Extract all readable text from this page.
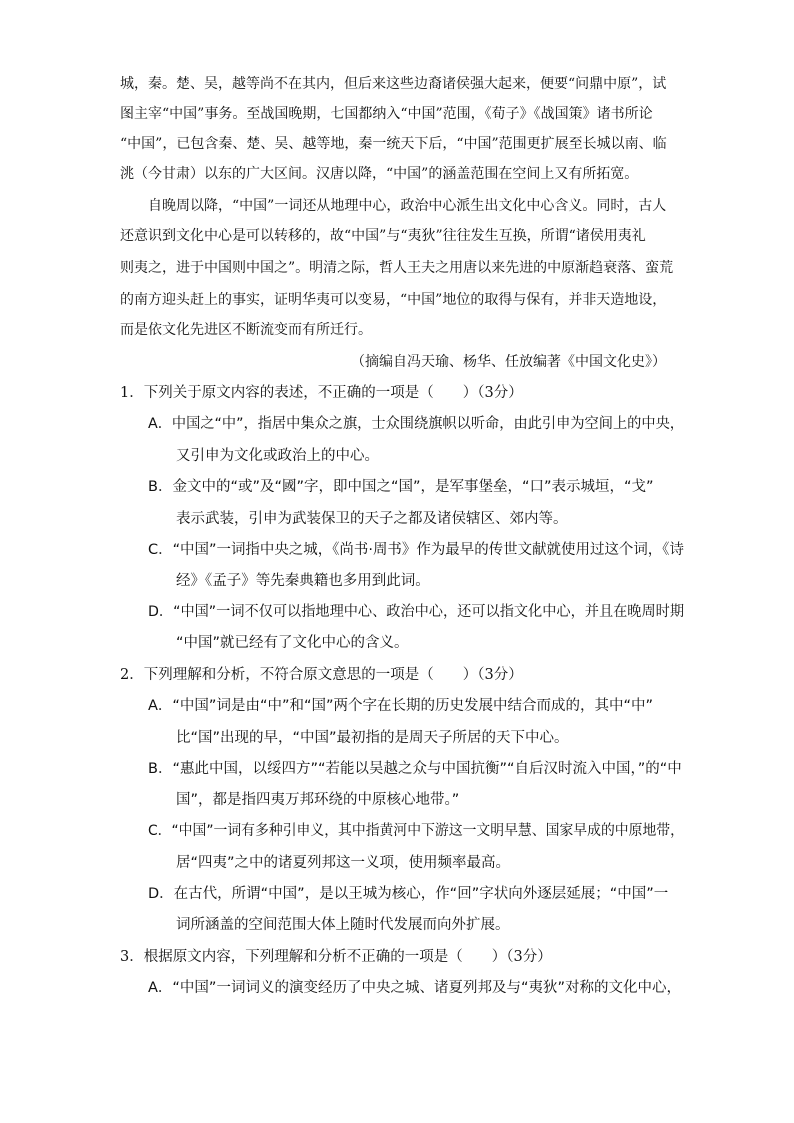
城，秦。楚、吴，越等尚不在其内，但后来这些边裔诸侯强大起来，便要“问鼎中原”，试
图主宰“中国”事务。至战国晚期，七国都纳入“中国”范围，《荀子》《战国策》诸书所论
“中国”，已包含秦、楚、吴、越等地，秦一统天下后，“中国”范围更扩展至长城以南、临
洮（今甘肃）以东的广大区间。汉唐以降，“中国”的涵盖范围在空间上又有所拓宽。
自晚周以降，“中国”一词还从地理中心，政治中心派生出文化中心含义。同时，古人
还意识到文化中心是可以转移的，故“中国”与“夷狄”往往发生互换，所谓“诸侯用夷礼
则夷之，进于中国则中国之”。明清之际，哲人王夫之用唐以来先进的中原渐趋衰落、蛮荒
的南方迎头赶上的事实，证明华夷可以变易，“中国”地位的取得与保有，并非天造地设，
而是依文化先进区不断流变而有所迁行。
（摘编自冯天瑜、杨华、任放编著《中国文化史》）
1．下列关于原文内容的表述，不正确的一项是（　　）（3分）
A．中国之“中”，指居中集众之旗，士众围绕旗帜以听命，由此引申为空间上的中央，
又引申为文化或政治上的中心。
B．金文中的“或”及“國”字，即中国之“国”，是军事堡垒，“口”表示城垣，“戈”
表示武装，引申为武装保卫的天子之都及诸侯辖区、郊内等。
C．“中国”一词指中央之城，《尚书·周书》作为最早的传世文献就使用过这个词，《诗
经》《孟子》等先秦典籍也多用到此词。
D．“中国”一词不仅可以指地理中心、政治中心，还可以指文化中心，并且在晚周时期
“中国”就已经有了文化中心的含义。
2．下列理解和分析，不符合原文意思的一项是（　　）（3分）
A．“中国”词是由“中”和“国”两个字在长期的历史发展中结合而成的，其中“中”
比“国”出现的早，“中国”最初指的是周天子所居的天下中心。
B．“惠此中国，以绥四方”“若能以吴越之众与中国抗衡”“自后汉时流入中国，”的“中
国”，都是指四夷万邦环绕的中原核心地带。”
C．“中国”一词有多种引申义，其中指黄河中下游这一文明早慧、国家早成的中原地带，
居“四夷”之中的诸夏列邦这一义项，使用频率最高。
D．在古代，所谓“中国”，是以王城为核心，作“回”字状向外逐层延展；“中国”一
词所涵盖的空间范围大体上随时代发展而向外扩展。
3．根据原文内容，下列理解和分析不正确的一项是（　　）（3分）
A．“中国”一词词义的演变经历了中央之城、诸夏列邦及与“夷狄”对称的文化中心，
